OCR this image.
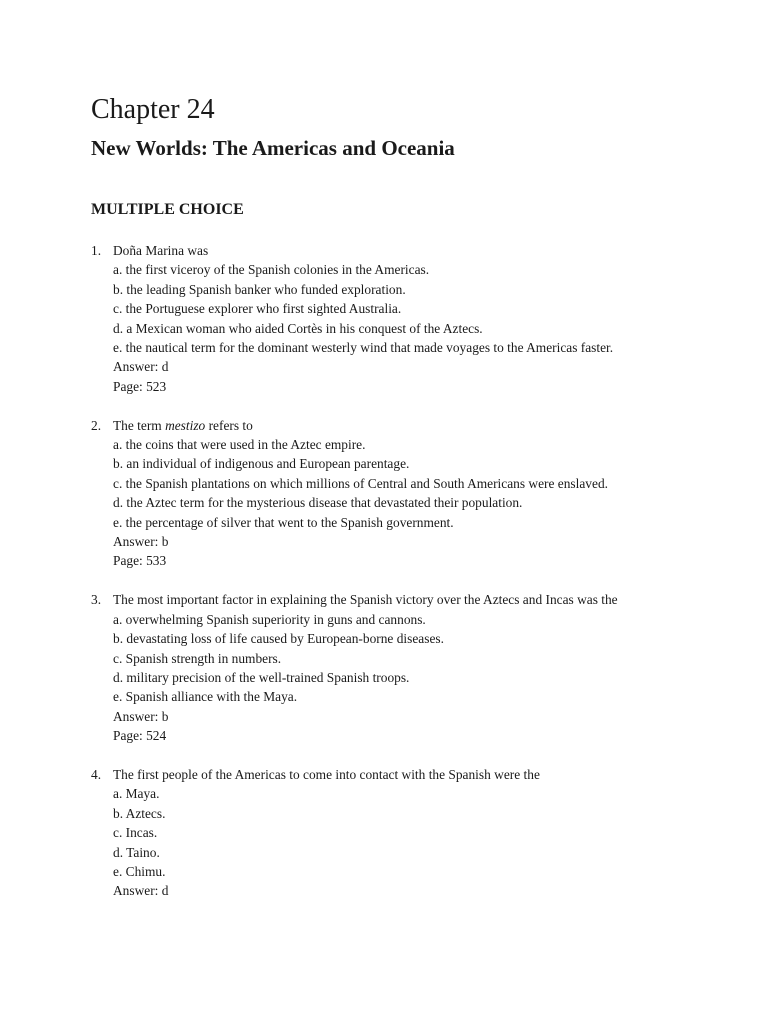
Chapter 24
New Worlds: The Americas and Oceania
MULTIPLE CHOICE
1. Doña Marina was
a. the first viceroy of the Spanish colonies in the Americas.
b. the leading Spanish banker who funded exploration.
c. the Portuguese explorer who first sighted Australia.
d. a Mexican woman who aided Cortès in his conquest of the Aztecs.
e. the nautical term for the dominant westerly wind that made voyages to the Americas faster.
Answer: d
Page: 523
2. The term mestizo refers to
a. the coins that were used in the Aztec empire.
b. an individual of indigenous and European parentage.
c. the Spanish plantations on which millions of Central and South Americans were enslaved.
d. the Aztec term for the mysterious disease that devastated their population.
e. the percentage of silver that went to the Spanish government.
Answer: b
Page: 533
3. The most important factor in explaining the Spanish victory over the Aztecs and Incas was the
a. overwhelming Spanish superiority in guns and cannons.
b. devastating loss of life caused by European-borne diseases.
c. Spanish strength in numbers.
d. military precision of the well-trained Spanish troops.
e. Spanish alliance with the Maya.
Answer: b
Page: 524
4. The first people of the Americas to come into contact with the Spanish were the
a. Maya.
b. Aztecs.
c. Incas.
d. Taino.
e. Chimu.
Answer: d
